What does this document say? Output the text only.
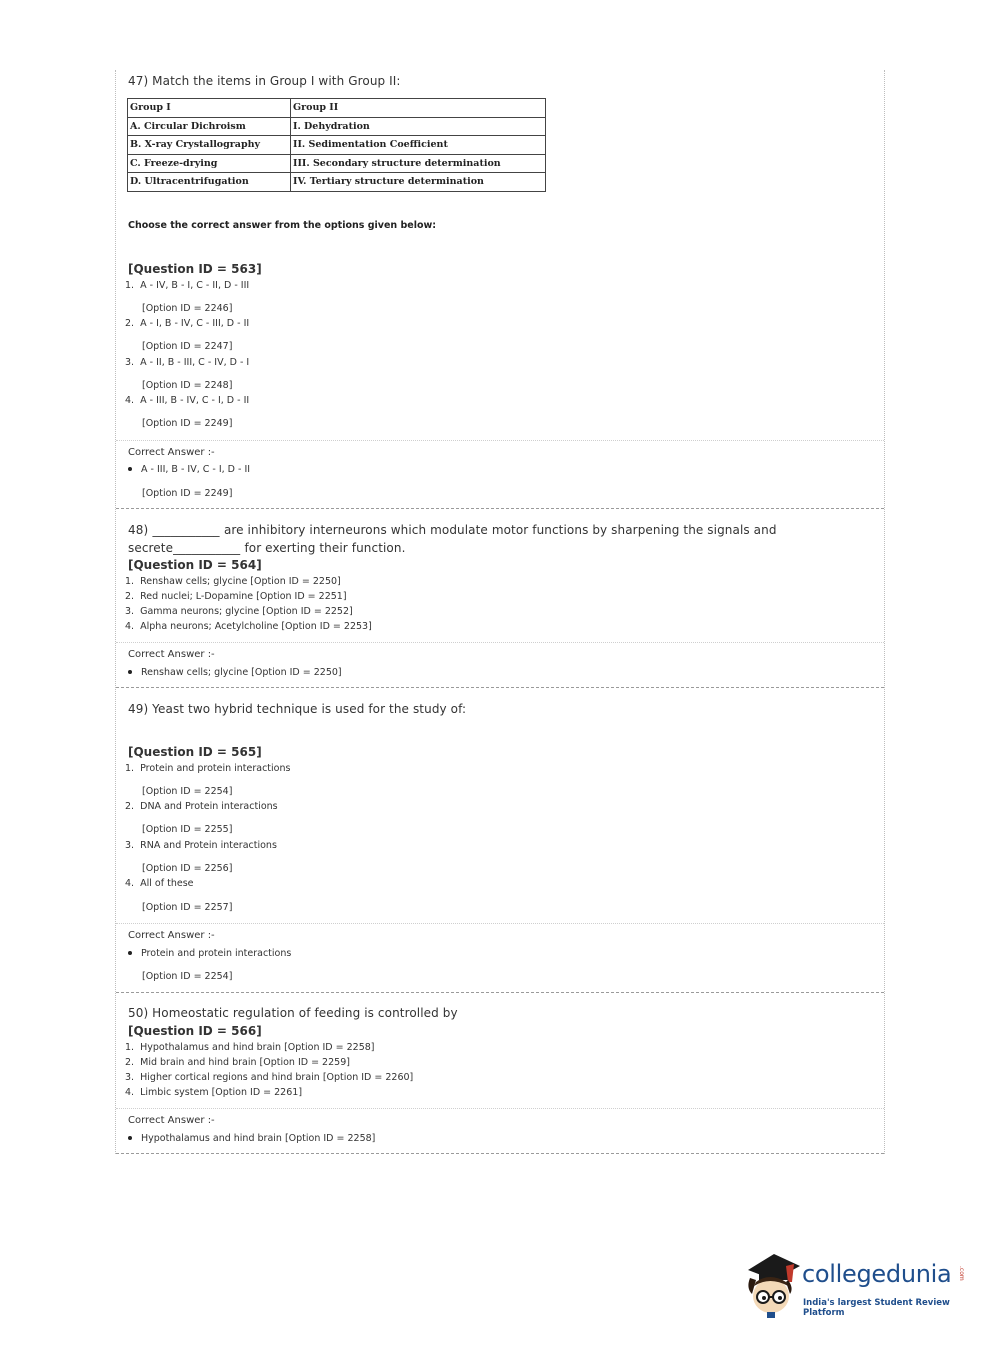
47) Match the items in Group I with Group II:
Group I	Group II
A. Circular Dichroism	I. Dehydration
B. X-ray Crystallography	II. Sedimentation Coefficient
C. Freeze-drying	III. Secondary structure determination
D. Ultracentrifugation	IV. Tertiary structure determination
Choose the correct answer from the options given below:
[Question ID = 563]
1. A - IV, B - I, C - II, D - III
[Option ID = 2246]
2. A - I, B - IV, C - III, D - II
[Option ID = 2247]
3. A - II, B - III, C - IV, D - I
[Option ID = 2248]
4. A - III, B - IV, C - I, D - II
[Option ID = 2249]
Correct Answer :-
A - III, B - IV, C - I, D - II
[Option ID = 2249]
48) ___________ are inhibitory interneurons which modulate motor functions by sharpening the signals and
secrete___________ for exerting their function.
[Question ID = 564]
1. Renshaw cells; glycine [Option ID = 2250]
2. Red nuclei; L-Dopamine [Option ID = 2251]
3. Gamma neurons; glycine [Option ID = 2252]
4. Alpha neurons; Acetylcholine [Option ID = 2253]
Correct Answer :-
Renshaw cells; glycine [Option ID = 2250]
49) Yeast two hybrid technique is used for the study of:
[Question ID = 565]
1. Protein and protein interactions
[Option ID = 2254]
2. DNA and Protein interactions
[Option ID = 2255]
3. RNA and Protein interactions
[Option ID = 2256]
4. All of these
[Option ID = 2257]
Correct Answer :-
Protein and protein interactions
[Option ID = 2254]
50) Homeostatic regulation of feeding is controlled by
[Question ID = 566]
1. Hypothalamus and hind brain [Option ID = 2258]
2. Mid brain and hind brain [Option ID = 2259]
3. Higher cortical regions and hind brain [Option ID = 2260]
4. Limbic system [Option ID = 2261]
Correct Answer :-
Hypothalamus and hind brain [Option ID = 2258]
collegedunia .com
India's largest Student Review Platform
